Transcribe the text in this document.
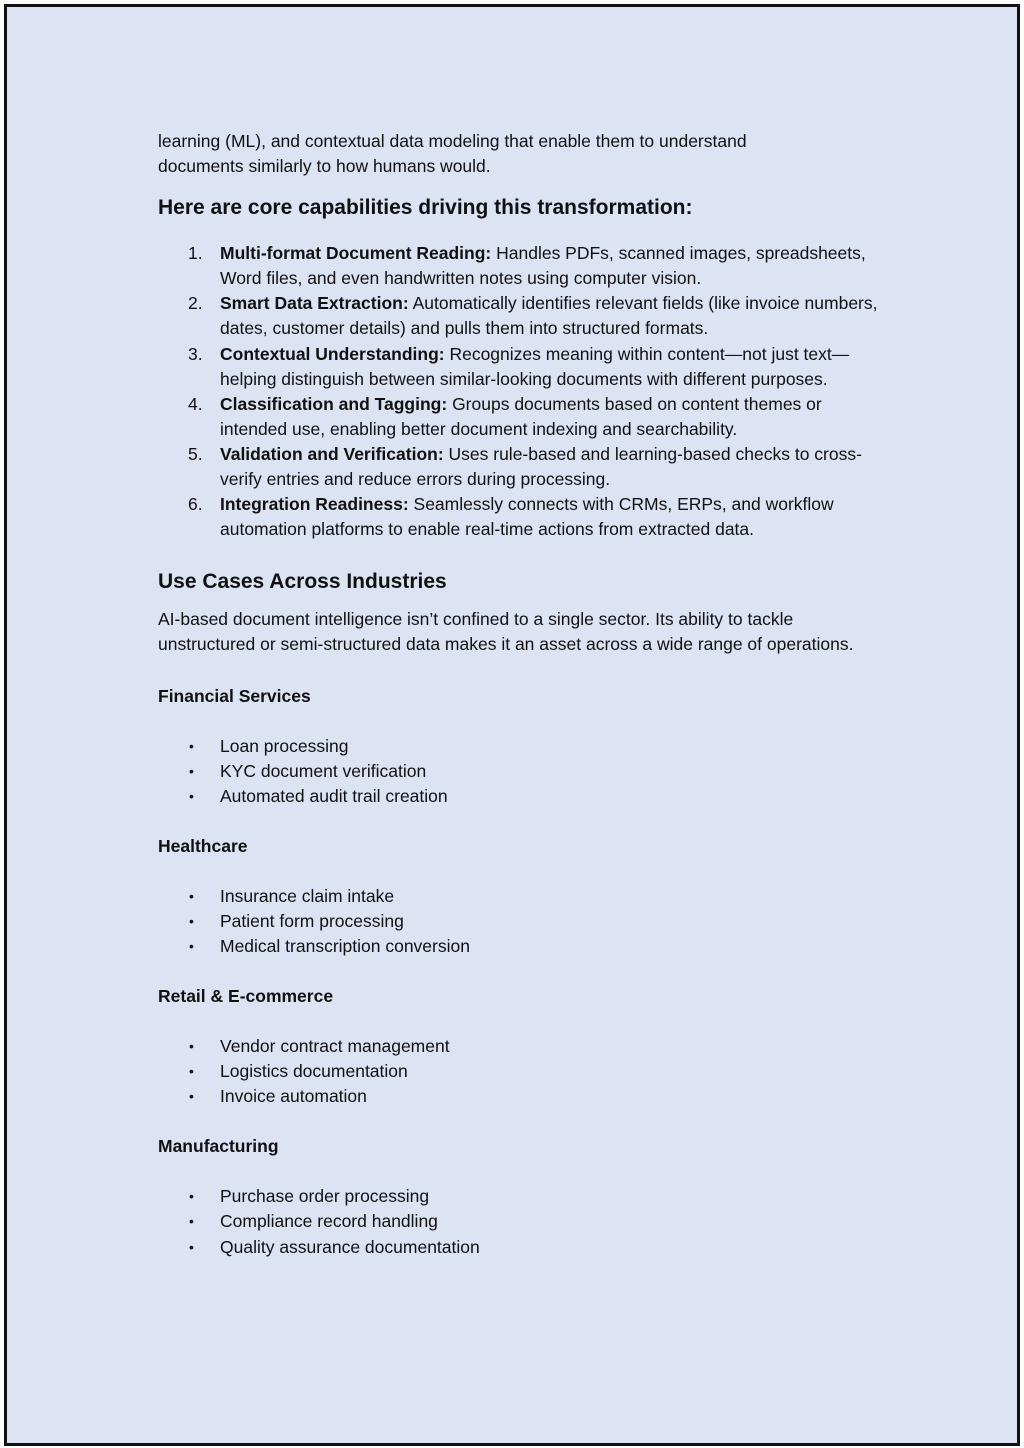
learning (ML), and contextual data modeling that enable them to understand
documents similarly to how humans would.

Here are core capabilities driving this transformation:
1. Multi-format Document Reading: Handles PDFs, scanned images, spreadsheets, Word files, and even handwritten notes using computer vision.
2. Smart Data Extraction: Automatically identifies relevant fields (like invoice numbers, dates, customer details) and pulls them into structured formats.
3. Contextual Understanding: Recognizes meaning within content—not just text—helping distinguish between similar-looking documents with different purposes.
4. Classification and Tagging: Groups documents based on content themes or intended use, enabling better document indexing and searchability.
5. Validation and Verification: Uses rule-based and learning-based checks to cross-verify entries and reduce errors during processing.
6. Integration Readiness: Seamlessly connects with CRMs, ERPs, and workflow automation platforms to enable real-time actions from extracted data.
Use Cases Across Industries

AI-based document intelligence isn’t confined to a single sector. Its ability to tackle unstructured or semi-structured data makes it an asset across a wide range of operations.

Financial Services
• Loan processing
• KYC document verification
• Automated audit trail creation
Healthcare
• Insurance claim intake
• Patient form processing
• Medical transcription conversion
Retail & E-commerce
• Vendor contract management
• Logistics documentation
• Invoice automation
Manufacturing
• Purchase order processing
• Compliance record handling
• Quality assurance documentation
